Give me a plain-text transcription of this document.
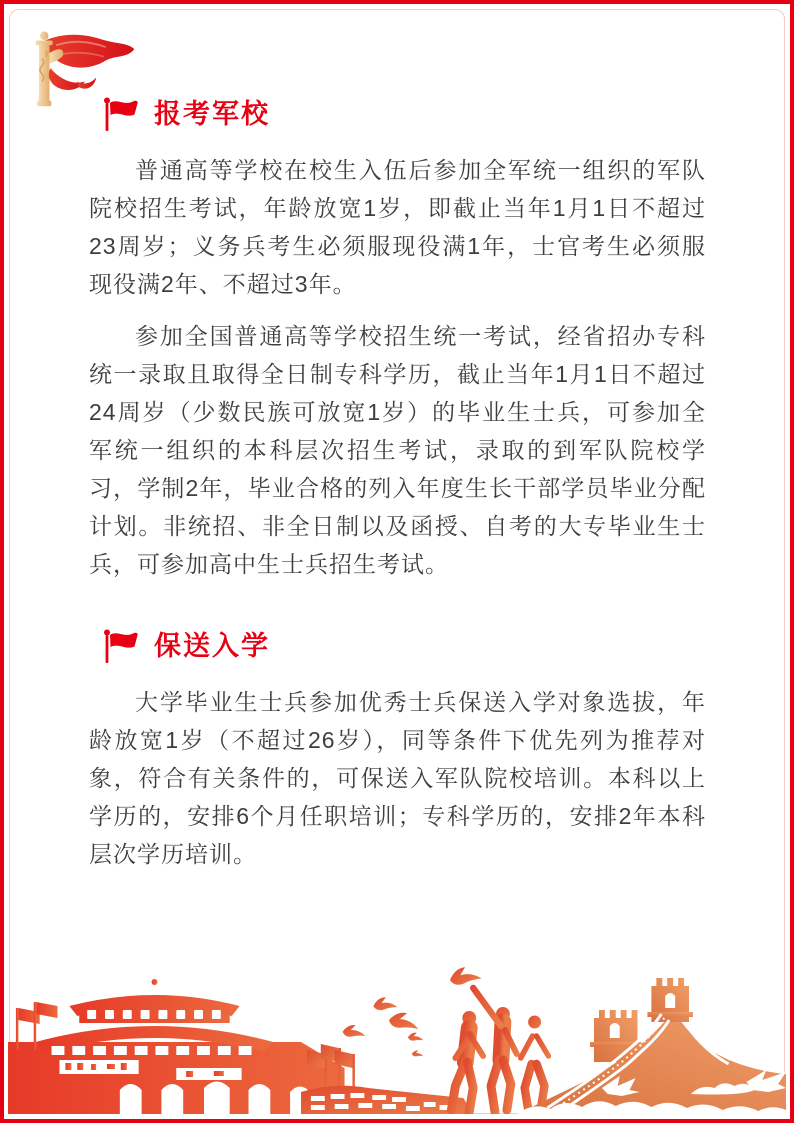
报考军校

普通高等学校在校生入伍后参加全军统一组织的军队院校招生考试，年龄放宽1岁，即截止当年1月1日不超过23周岁；义务兵考生必须服现役满1年，士官考生必须服现役满2年、不超过3年。

参加全国普通高等学校招生统一考试，经省招办专科统一录取且取得全日制专科学历，截止当年1月1日不超过24周岁（少数民族可放宽1岁）的毕业生士兵，可参加全军统一组织的本科层次招生考试，录取的到军队院校学习，学制2年，毕业合格的列入年度生长干部学员毕业分配计划。非统招、非全日制以及函授、自考的大专毕业生士兵，可参加高中生士兵招生考试。

保送入学

大学毕业生士兵参加优秀士兵保送入学对象选拔，年龄放宽1岁（不超过26岁），同等条件下优先列为推荐对象，符合有关条件的，可保送入军队院校培训。本科以上学历的，安排6个月任职培训；专科学历的，安排2年本科层次学历培训。
